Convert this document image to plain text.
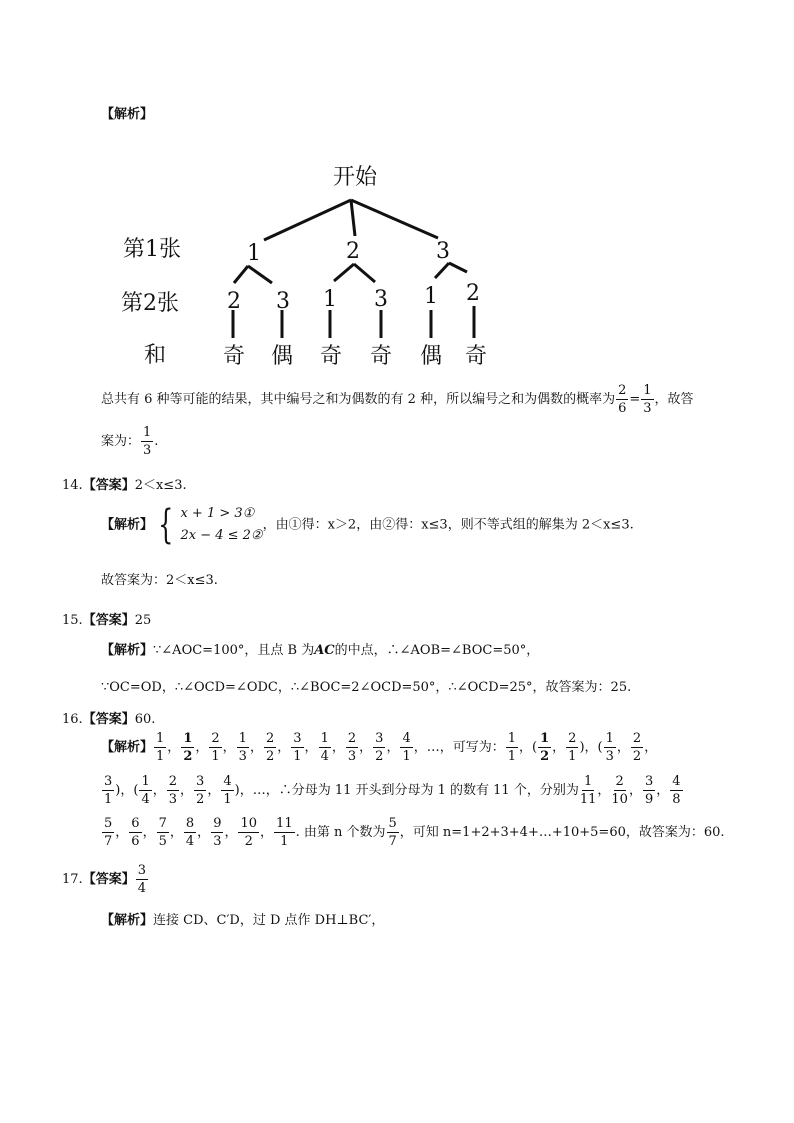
【解析】
开始
第1张
第2张
和
1	2	3
2 3 1 3 1 2
奇 偶 奇 奇 偶 奇
总共有 6 种等可能的结果，其中编号之和为偶数的有 2 种，所以编号之和为偶数的概率为 $\frac{2}{6} = \frac{1}{3}$ ，故答
案为： $\frac{1}{3}$ .
14.【答案】2＜x≤3.
【解析】 { x + 1 > 3①
2x − 4 ≤ 2②
，由①得：x＞2，由②得：x≤3，则不等式组的解集为 2＜x≤3.
故答案为：2＜x≤3.
15.【答案】25
【解析】∵∠AOC=100°，且点 B 为AC的中点，∴∠AOB=∠BOC=50°，
∵OC=OD，∴∠OCD=∠ODC，∴∠BOC=2∠OCD=50°，∴∠OCD=25°，故答案为：25.
16.【答案】60.
【解析】 $\frac{1}{1}$ ， $\frac{1}{2}$ ， $\frac{2}{1}$ ， $\frac{1}{3}$ ， $\frac{2}{2}$ ， $\frac{3}{1}$ ， $\frac{1}{4}$ ， $\frac{2}{3}$ ， $\frac{3}{2}$ ， $\frac{4}{1}$ ，…，可写为： $\frac{1}{1}$ ，( $\frac{1}{2}$ ， $\frac{2}{1}$ )，( $\frac{1}{3}$ ， $\frac{2}{2}$ ，
$\frac{3}{1}$ )，( $\frac{1}{4}$ ， $\frac{2}{3}$ ， $\frac{3}{2}$ ， $\frac{4}{1}$ )，…，∴分母为 11 开头到分母为 1 的数有 11 个，分别为 $\frac{1}{11}$ ， $\frac{2}{10}$ ， $\frac{3}{9}$ ， $\frac{4}{8}$
$\frac{5}{7}$ ， $\frac{6}{6}$ ， $\frac{7}{5}$ ， $\frac{8}{4}$ ， $\frac{9}{3}$ ， $\frac{10}{2}$ ， $\frac{11}{1}$ . 由第 n 个数为 $\frac{5}{7}$ ，可知 n=1+2+3+4+…+10+5=60，故答案为：60.
17.【答案】 $\frac{3}{4}$
【解析】连接 CD、C′D，过 D 点作 DH⊥BC′，
